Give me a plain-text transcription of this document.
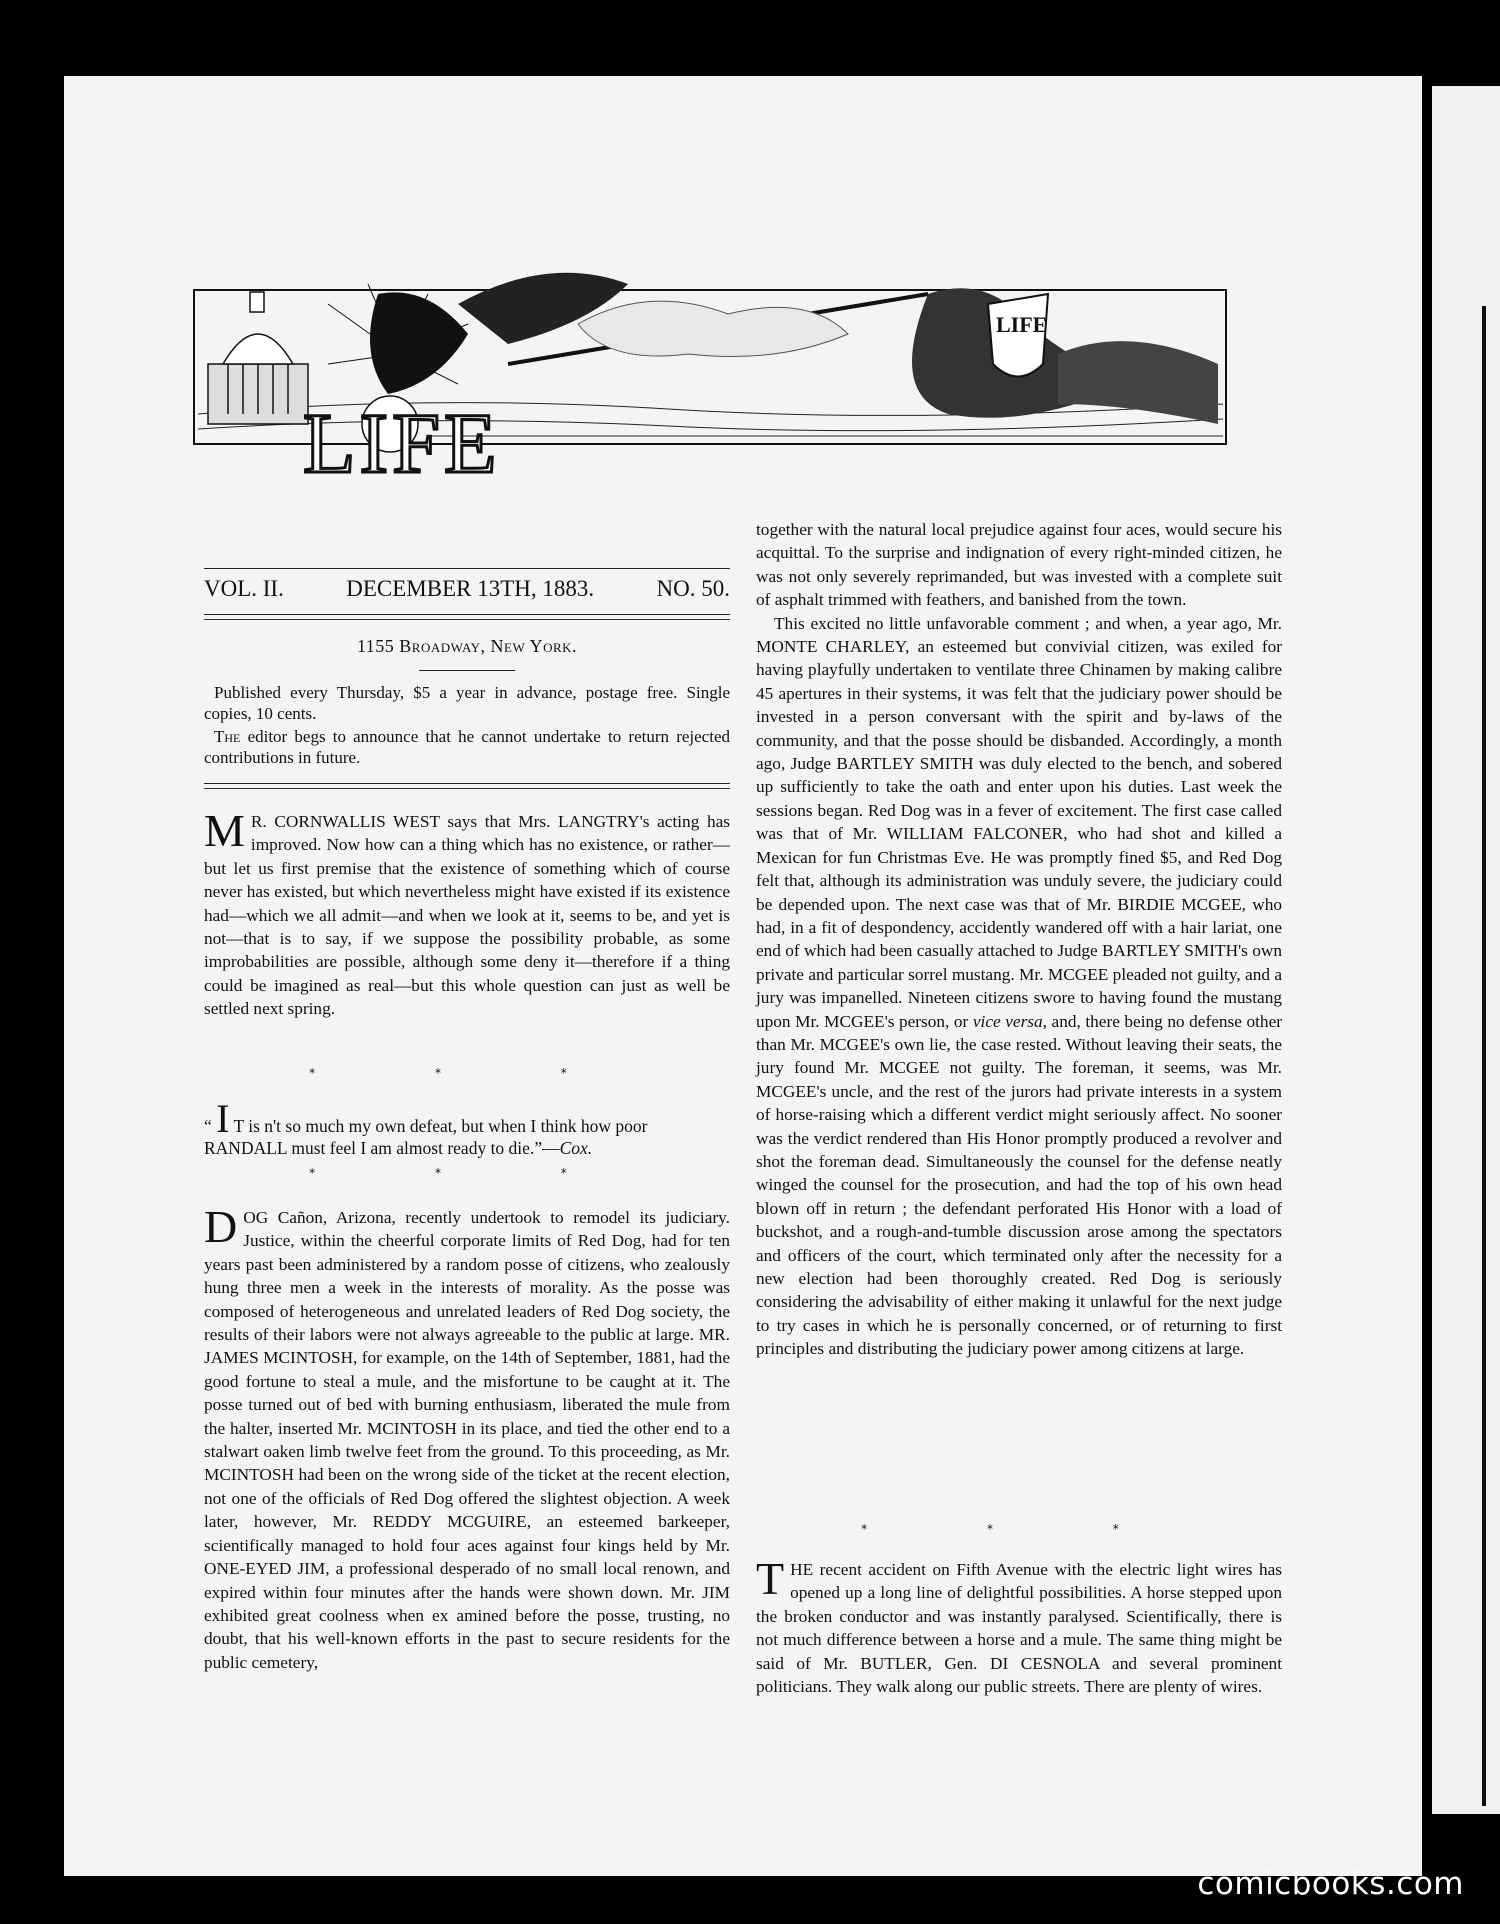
LIFE
LIFE
VOL. II.	DECEMBER 13TH, 1883.	NO. 50.
1155 Broadway, New York.

Published every Thursday, $5 a year in advance, postage free. Single copies, 10 cents.

The editor begs to announce that he cannot undertake to return rejected contributions in future.

M R. CORNWALLIS WEST says that Mrs. LANGTRY's acting has improved. Now how can a thing which has no existence, or rather—but let us first premise that the existence of something which of course never has existed, but which nevertheless might have existed if its existence had—which we all admit—and when we look at it, seems to be, and yet is not—that is to say, if we suppose the possibility probable, as some improbabilities are possible, although some deny it—therefore if a thing could be imagined as real—but this whole question can just as well be settled next spring.

* * *
“ I T is n't so much my own defeat, but when I think how poor RANDALL must feel I am almost ready to die.”—Cox.
* * *

DOG Cañon, Arizona, recently undertook to remodel its judiciary. Justice, within the cheerful corporate limits of Red Dog, had for ten years past been administered by a random posse of citizens, who zealously hung three men a week in the interests of morality. As the posse was composed of heterogeneous and unrelated leaders of Red Dog society, the results of their labors were not always agreeable to the public at large. MR. JAMES MCINTOSH, for example, on the 14th of September, 1881, had the good fortune to steal a mule, and the misfortune to be caught at it. The posse turned out of bed with burning enthusiasm, liberated the mule from the halter, inserted Mr. MCINTOSH in its place, and tied the other end to a stalwart oaken limb twelve feet from the ground. To this proceeding, as Mr. MCINTOSH had been on the wrong side of the ticket at the recent election, not one of the officials of Red Dog offered the slightest objection. A week later, however, Mr. REDDY MCGUIRE, an esteemed barkeeper, scientifically managed to hold four aces against four kings held by Mr. ONE-EYED JIM, a professional desperado of no small local renown, and expired within four minutes after the hands were shown down. Mr. JIM exhibited great coolness when ex amined before the posse, trusting, no doubt, that his well-known efforts in the past to secure residents for the public cemetery,

together with the natural local prejudice against four aces, would secure his acquittal. To the surprise and indignation of every right-minded citizen, he was not only severely reprimanded, but was invested with a complete suit of asphalt trimmed with feathers, and banished from the town.

This excited no little unfavorable comment ; and when, a year ago, Mr. MONTE CHARLEY, an esteemed but convivial citizen, was exiled for having playfully undertaken to ventilate three Chinamen by making calibre 45 apertures in their systems, it was felt that the judiciary power should be invested in a person conversant with the spirit and by-laws of the community, and that the posse should be disbanded. Accordingly, a month ago, Judge BARTLEY SMITH was duly elected to the bench, and sobered up sufficiently to take the oath and enter upon his duties. Last week the sessions began. Red Dog was in a fever of excitement. The first case called was that of Mr. WILLIAM FALCONER, who had shot and killed a Mexican for fun Christmas Eve. He was promptly fined $5, and Red Dog felt that, although its administration was unduly severe, the judiciary could be depended upon. The next case was that of Mr. BIRDIE MCGEE, who had, in a fit of despondency, accidently wandered off with a hair lariat, one end of which had been casually attached to Judge BARTLEY SMITH's own private and particular sorrel mustang. Mr. MCGEE pleaded not guilty, and a jury was impanelled. Nineteen citizens swore to having found the mustang upon Mr. MCGEE's person, or vice versa, and, there being no defense other than Mr. MCGEE's own lie, the case rested. Without leaving their seats, the jury found Mr. MCGEE not guilty. The foreman, it seems, was Mr. MCGEE's uncle, and the rest of the jurors had private interests in a system of horse-raising which a different verdict might seriously affect. No sooner was the verdict rendered than His Honor promptly produced a revolver and shot the foreman dead. Simultaneously the counsel for the defense neatly winged the counsel for the prosecution, and had the top of his own head blown off in return ; the defendant perforated His Honor with a load of buckshot, and a rough-and-tumble discussion arose among the spectators and officers of the court, which terminated only after the necessity for a new election had been thoroughly created. Red Dog is seriously considering the advisability of either making it unlawful for the next judge to try cases in which he is personally concerned, or of returning to first principles and distributing the judiciary power among citizens at large.

* * *

THE recent accident on Fifth Avenue with the electric light wires has opened up a long line of delightful possibilities. A horse stepped upon the broken conductor and was instantly paralysed. Scientifically, there is not much difference between a horse and a mule. The same thing might be said of Mr. BUTLER, Gen. DI CESNOLA and several prominent politicians. They walk along our public streets. There are plenty of wires.

comicbooks.com
